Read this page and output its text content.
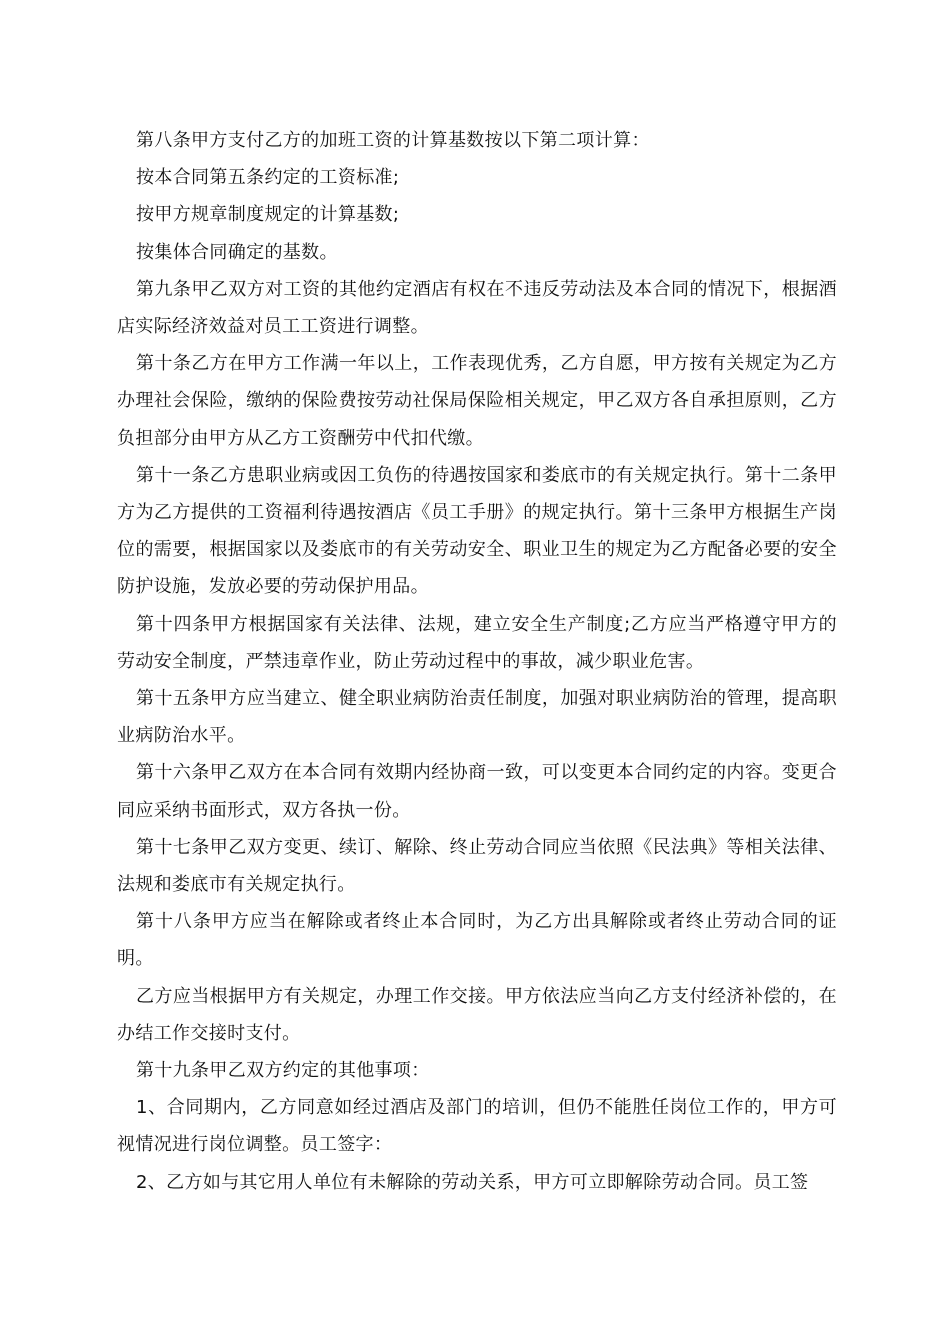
第八条甲方支付乙方的加班工资的计算基数按以下第二项计算：

按本合同第五条约定的工资标准;

按甲方规章制度规定的计算基数;

按集体合同确定的基数。

第九条甲乙双方对工资的其他约定酒店有权在不违反劳动法及本合同的情况下，根据酒店实际经济效益对员工工资进行调整。

第十条乙方在甲方工作满一年以上，工作表现优秀，乙方自愿，甲方按有关规定为乙方办理社会保险，缴纳的保险费按劳动社保局保险相关规定，甲乙双方各自承担原则，乙方负担部分由甲方从乙方工资酬劳中代扣代缴。

第十一条乙方患职业病或因工负伤的待遇按国家和娄底市的有关规定执行。第十二条甲方为乙方提供的工资福利待遇按酒店《员工手册》的规定执行。第十三条甲方根据生产岗位的需要，根据国家以及娄底市的有关劳动安全、职业卫生的规定为乙方配备必要的安全防护设施，发放必要的劳动保护用品。

第十四条甲方根据国家有关法律、法规，建立安全生产制度;乙方应当严格遵守甲方的劳动安全制度，严禁违章作业，防止劳动过程中的事故，减少职业危害。

第十五条甲方应当建立、健全职业病防治责任制度，加强对职业病防治的管理，提高职业病防治水平。

第十六条甲乙双方在本合同有效期内经协商一致，可以变更本合同约定的内容。变更合同应采纳书面形式，双方各执一份。

第十七条甲乙双方变更、续订、解除、终止劳动合同应当依照《民法典》等相关法律、法规和娄底市有关规定执行。

第十八条甲方应当在解除或者终止本合同时，为乙方出具解除或者终止劳动合同的证明。

乙方应当根据甲方有关规定，办理工作交接。甲方依法应当向乙方支付经济补偿的，在办结工作交接时支付。

第十九条甲乙双方约定的其他事项：

1、合同期内，乙方同意如经过酒店及部门的培训，但仍不能胜任岗位工作的，甲方可视情况进行岗位调整。员工签字：

2、乙方如与其它用人单位有未解除的劳动关系，甲方可立即解除劳动合同。员工签
